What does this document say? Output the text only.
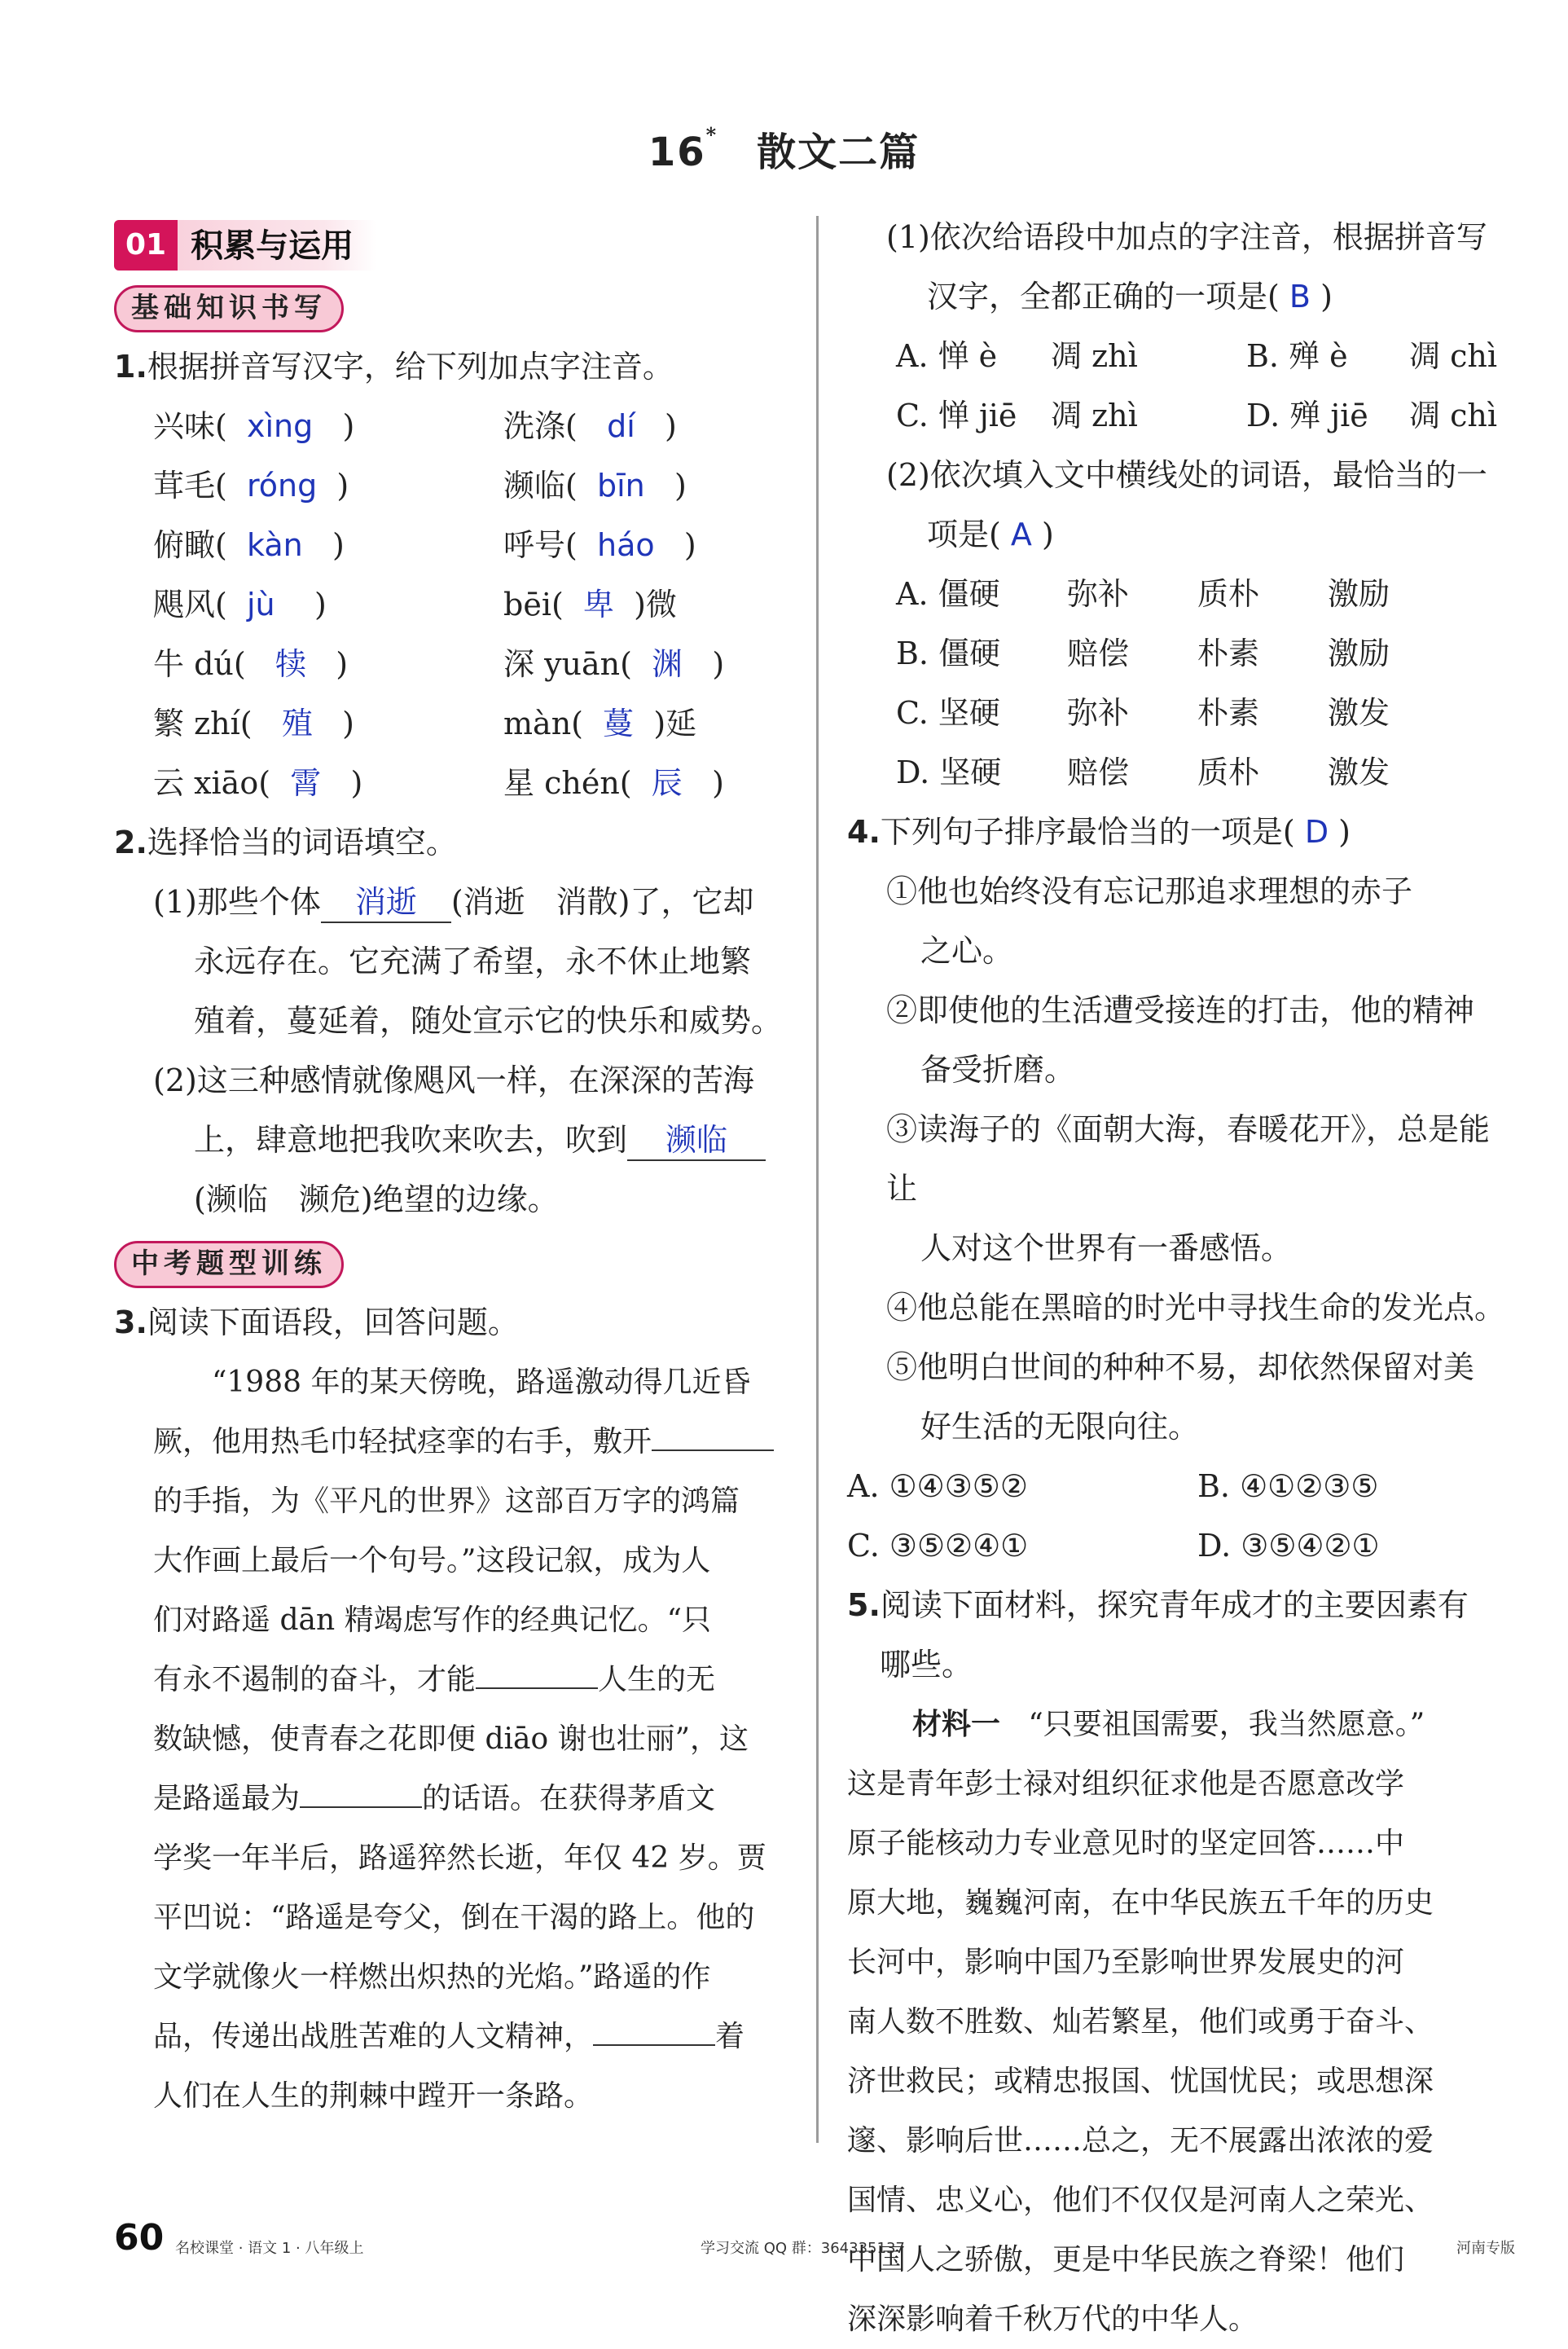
16* 散文二篇
01 积累与运用
基础知识书写
1.根据拼音写汉字，给下列加点字注音。
兴味( xìng )	洗涤( dí )
茸毛( róng )	濒临( bīn )
俯瞰( kàn )	呼号( háo )
飓风( jù )	bēi( 卑 )微
牛 dú( 犊 )	深 yuān( 渊 )
繁 zhí( 殖 )	màn( 蔓 )延
云 xiāo( 霄 )	星 chén( 辰 )
2.选择恰当的词语填空。
(1)那些个体 消逝 (消逝　消散)了，它却
永远存在。它充满了希望，永不休止地繁
殖着，蔓延着，随处宣示它的快乐和威势。
(2)这三种感情就像飓风一样，在深深的苦海
上，肆意地把我吹来吹去，吹到 濒临
(濒临　濒危)绝望的边缘。
中考题型训练
3.阅读下面语段，回答问题。
“1988 年的某天傍晚，路遥激动得几近昏
厥，他用热毛巾轻拭痉挛的右手，敷开
的手指，为《平凡的世界》这部百万字的鸿篇
大作画上最后一个句号。”这段记叙，成为人
们对路遥 dān 精竭虑写作的经典记忆。“只
有永不遏制的奋斗，才能	人生的无
数缺憾，使青春之花即便 diāo 谢也壮丽”，这
是路遥最为	的话语。在获得茅盾文
学奖一年半后，路遥猝然长逝，年仅 42 岁。贾
平凹说：“路遥是夸父，倒在干渴的路上。他的
文学就像火一样燃出炽热的光焰。”路遥的作
品，传递出战胜苦难的人文精神，	着
人们在人生的荆棘中蹚开一条路。
(1)依次给语段中加点的字注音，根据拼音写
汉字，全都正确的一项是( B )
A. 惮 è	凋 zhì	B. 殚 è	凋 chì
C. 惮 jiē	凋 zhì	D. 殚 jiē	凋 chì
(2)依次填入文中横线处的词语，最恰当的一
项是( A )
A. 僵硬	弥补	质朴	激励
B. 僵硬	赔偿	朴素	激励
C. 坚硬	弥补	朴素	激发
D. 坚硬	赔偿	质朴	激发
4.下列句子排序最恰当的一项是( D )
①他也始终没有忘记那追求理想的赤子
之心。
②即使他的生活遭受接连的打击，他的精神
备受折磨。
③读海子的《面朝大海，春暖花开》，总是能让
人对这个世界有一番感悟。
④他总能在黑暗的时光中寻找生命的发光点。
⑤他明白世间的种种不易，却依然保留对美
好生活的无限向往。
A. ①④③⑤②	B. ④①②③⑤
C. ③⑤②④①	D. ③⑤④②①
5.阅读下面材料，探究青年成才的主要因素有
哪些。
材料一 “只要祖国需要，我当然愿意。”
这是青年彭士禄对组织征求他是否愿意改学
原子能核动力专业意见时的坚定回答……中
原大地，巍巍河南，在中华民族五千年的历史
长河中，影响中国乃至影响世界发展史的河
南人数不胜数、灿若繁星，他们或勇于奋斗、
济世救民；或精忠报国、忧国忧民；或思想深
邃、影响后世……总之，无不展露出浓浓的爱
国情、忠义心，他们不仅仅是河南人之荣光、
中国人之骄傲，更是中华民族之脊梁！他们
深深影响着千秋万代的中华人。
60 名校课堂 · 语文 1 · 八年级上	学习交流 QQ 群：364335137	河南专版
